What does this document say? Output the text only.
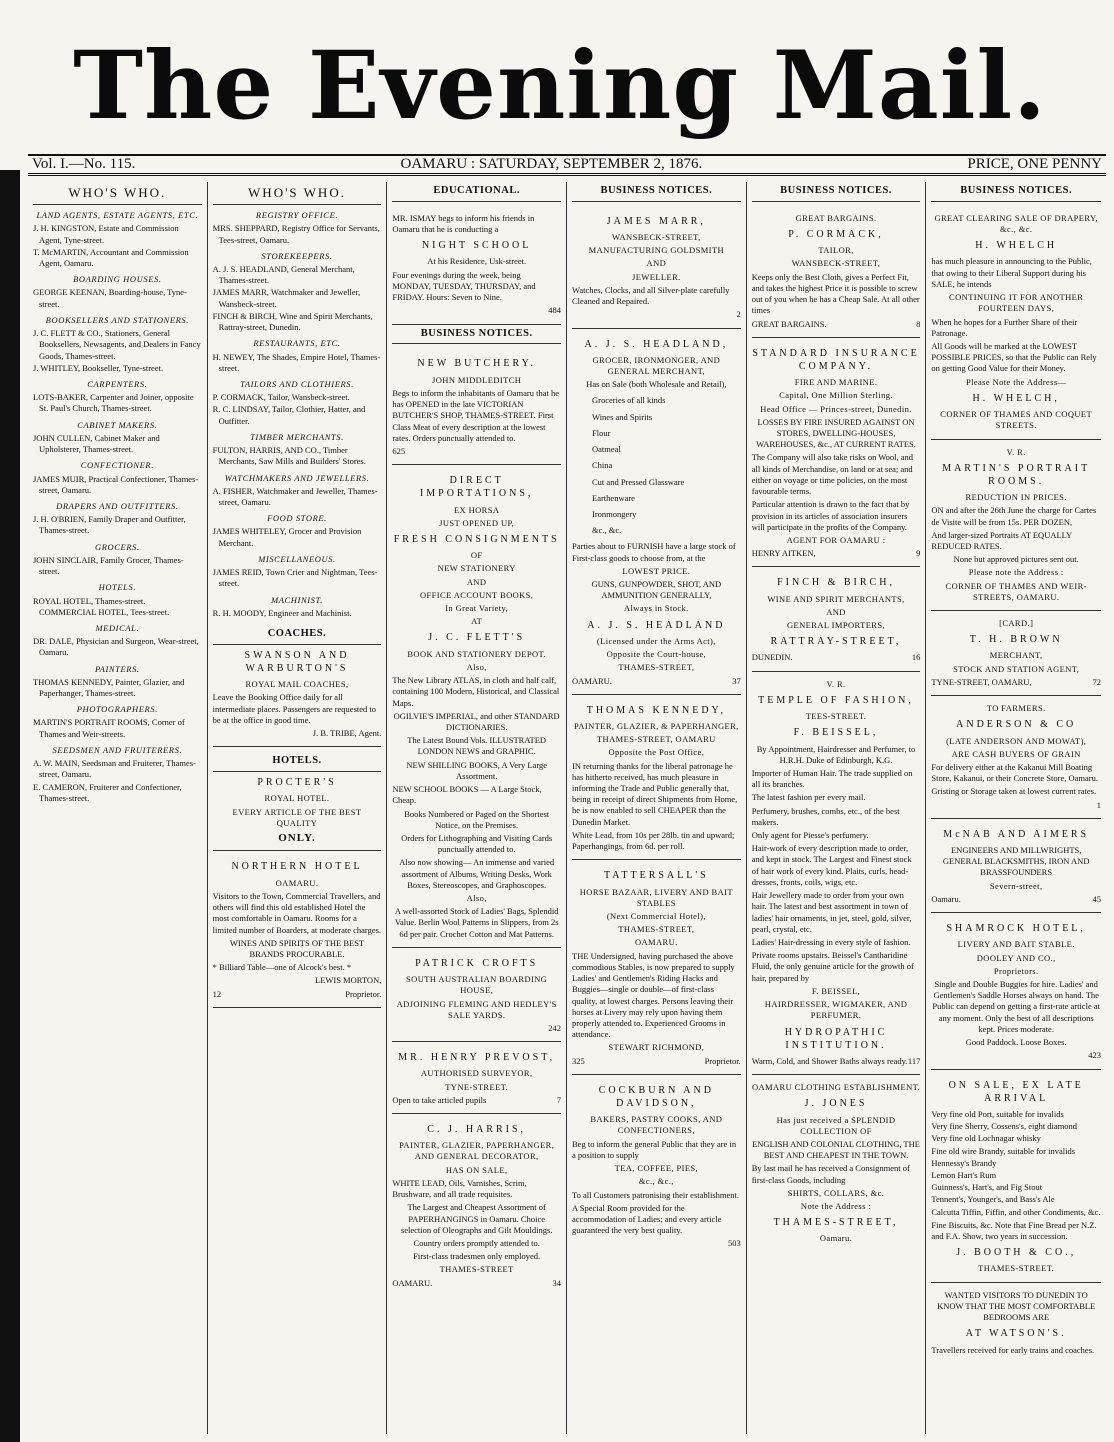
The Evening Mail.
Vol. I.—No. 115.	OAMARU : SATURDAY, SEPTEMBER 2, 1876.	PRICE, ONE PENNY
WHO'S WHO.
LAND AGENTS, ESTATE AGENTS, ETC.
J. H. KINGSTON, Estate and Commission Agent, Tyne-street.
T. McMARTIN, Accountant and Commission Agent, Oamaru.
BOARDING HOUSES.
GEORGE KEENAN, Boarding-house, Tyne-street.
BOOKSELLERS AND STATIONERS.
J. C. FLETT & CO., Stationers, General Booksellers, Newsagents, and Dealers in Fancy Goods, Thames-street.
J. WHITLEY, Bookseller, Tyne-street.
CARPENTERS.
LOTS-BAKER, Carpenter and Joiner, opposite St. Paul's Church, Thames-street.
CABINET MAKERS.
JOHN CULLEN, Cabinet Maker and Upholsterer, Thames-street.
CONFECTIONER.
JAMES MUIR, Practical Confectioner, Thames-street, Oamaru.
DRAPERS AND OUTFITTERS.
J. H. O'BRIEN, Family Draper and Outfitter, Thames-street.
GROCERS.
JOHN SINCLAIR, Family Grocer, Thames-street.
HOTELS.
ROYAL HOTEL, Thames-street. COMMERCIAL HOTEL, Tees-street.
MEDICAL.
DR. DALE, Physician and Surgeon, Wear-street, Oamaru.
PAINTERS.
THOMAS KENNEDY, Painter, Glazier, and Paperhanger, Thames-street.
PHOTOGRAPHERS.
MARTIN'S PORTRAIT ROOMS, Corner of Thames and Weir-streets.
SEEDSMEN AND FRUITERERS.
A. W. MAIN, Seedsman and Fruiterer, Thames-street, Oamaru.
E. CAMERON, Fruiterer and Confectioner, Thames-street.
WHO'S WHO.
REGISTRY OFFICE.
MRS. SHEPPARD, Registry Office for Servants, Tees-street, Oamaru.
STOREKEEPERS.
A. J. S. HEADLAND, General Merchant, Thames-street.
JAMES MARR, Watchmaker and Jeweller, Wansbeck-street.
FINCH & BIRCH, Wine and Spirit Merchants, Rattray-street, Dunedin.
RESTAURANTS, ETC.
H. NEWEY, The Shades, Empire Hotel, Thames-street.
TAILORS AND CLOTHIERS.
P. CORMACK, Tailor, Wansbeck-street.
R. C. LINDSAY, Tailor, Clothier, Hatter, and Outfitter.
TIMBER MERCHANTS.
FULTON, HARRIS, AND CO., Timber Merchants, Saw Mills and Builders' Stores.
WATCHMAKERS AND JEWELLERS.
A. FISHER, Watchmaker and Jeweller, Thames-street, Oamaru.
FOOD STORE.
JAMES WHITELEY, Grocer and Provision Merchant.
MISCELLANEOUS.
JAMES REID, Town Crier and Nightman, Tees-street.
MACHINIST.
R. H. MOODY, Engineer and Machinist.
COACHES.
SWANSON AND WARBURTON'S
ROYAL MAIL COACHES,

Leave the Booking Office daily for all intermediate places. Passengers are requested to be at the office in good time.

J. B. TRIBE, Agent.

HOTELS.
PROCTER'S
ROYAL HOTEL.
EVERY ARTICLE OF THE BEST QUALITY
ONLY.
NORTHERN HOTEL
OAMARU.

Visitors to the Town, Commercial Travellers, and others will find this old established Hotel the most comfortable in Oamaru. Rooms for a limited number of Boarders, at moderate charges.

WINES AND SPIRITS OF THE BEST BRANDS PROCURABLE.

* Billiard Table—one of Alcock's best. *

LEWIS MORTON,

12	Proprietor.

EDUCATIONAL.

MR. ISMAY begs to inform his friends in Oamaru that he is conducting a

NIGHT SCHOOL

At his Residence, Usk-street.

Four evenings during the week, being MONDAY, TUESDAY, THURSDAY, and FRIDAY. Hours: Seven to Nine.

484

BUSINESS NOTICES.
NEW BUTCHERY.
JOHN MIDDLEDITCH

Begs to inform the inhabitants of Oamaru that he has OPENED in the late VICTORIAN BUTCHER'S SHOP, THAMES-STREET. First Class Meat of every description at the lowest rates. Orders punctually attended to.

625

DIRECT IMPORTATIONS,
EX HORSA
JUST OPENED UP,
FRESH CONSIGNMENTS
OF
NEW STATIONERY
AND
OFFICE ACCOUNT BOOKS,
In Great Variety,
AT
J. C. FLETT'S
BOOK AND STATIONERY DEPOT.
Also,

The New Library ATLAS, in cloth and half calf, containing 100 Modern, Historical, and Classical Maps.

OGILVIE'S IMPERIAL, and other STANDARD DICTIONARIES.

The Latest Bound Vols. ILLUSTRATED LONDON NEWS and GRAPHIC.

NEW SHILLING BOOKS, A Very Large Assortment.

NEW SCHOOL BOOKS — A Large Stock, Cheap.

Books Numbered or Paged on the Shortest Notice, on the Premises.

Orders for Lithographing and Visiting Cards punctually attended to.

Also now showing— An immense and varied assortment of Albums, Writing Desks, Work Boxes, Stereoscopes, and Graphoscopes.

Also,

A well-assorted Stock of Ladies' Bags, Splendid Value. Berlin Wool Patterns in Slippers, from 2s 6d per pair. Crochet Cotton and Mat Patterns.

PATRICK CROFTS
SOUTH AUSTRALIAN BOARDING HOUSE,
ADJOINING FLEMING AND HEDLEY'S SALE YARDS.

242

MR. HENRY PREVOST,
AUTHORISED SURVEYOR,
TYNE-STREET.

Open to take articled pupils	7

C. J. HARRIS,
PAINTER, GLAZIER, PAPERHANGER, AND GENERAL DECORATOR,
HAS ON SALE,

WHITE LEAD, Oils, Varnishes, Scrim, Brushware, and all trade requisites.

The Largest and Cheapest Assortment of PAPERHANGINGS in Oamaru. Choice selection of Oleographs and Gilt Mouldings.

Country orders promptly attended to.

First-class tradesmen only employed.

THAMES-STREET

OAMARU.	34

BUSINESS NOTICES.
JAMES MARR,
WANSBECK-STREET,
MANUFACTURING GOLDSMITH
AND
JEWELLER.

Watches, Clocks, and all Silver-plate carefully Cleaned and Repaired.

2

A. J. S. HEADLAND,
GROCER, IRONMONGER, AND GENERAL MERCHANT,

Has on Sale (both Wholesale and Retail),

Groceries of all kinds
Wines and Spirits
Flour
Oatmeal
China
Cut and Pressed Glassware
Earthenware
Ironmongery
&c., &c.

Parties about to FURNISH have a large stock of First-class goods to choose from, at the

LOWEST PRICE.

GUNS, GUNPOWDER, SHOT, AND AMMUNITION GENERALLY,

Always in Stock.
A. J. S. HEADLAND
(Licensed under the Arms Act),
Opposite the Court-house,
THAMES-STREET,

OAMARU.	37

THOMAS KENNEDY,
PAINTER, GLAZIER, & PAPERHANGER,
THAMES-STREET, OAMARU
Opposite the Post Office,

IN returning thanks for the liberal patronage he has hitherto received, has much pleasure in informing the Trade and Public generally that, being in receipt of direct Shipments from Home, he is now enabled to sell CHEAPER than the Dunedin Market.

White Lead, from 10s per 28lb. tin and upward; Paperhangings, from 6d. per roll.

TATTERSALL'S
HORSE BAZAAR, LIVERY AND BAIT STABLES
(Next Commercial Hotel),
THAMES-STREET,
OAMARU.

THE Undersigned, having purchased the above commodious Stables, is now prepared to supply Ladies' and Gentlemen's Riding Hacks and Buggies—single or double—of first-class quality, at lowest charges. Persons leaving their horses at Livery may rely upon having them properly attended to. Experienced Grooms in attendance.

STEWART RICHMOND,

325	Proprietor.

COCKBURN AND DAVIDSON,
BAKERS, PASTRY COOKS, AND CONFECTIONERS,

Beg to inform the general Public that they are in a position to supply

TEA, COFFEE, PIES,
&c., &c.,

To all Customers patronising their establishment.

A Special Room provided for the accommodation of Ladies; and every article guaranteed the very best quality.

503

BUSINESS NOTICES.
GREAT BARGAINS.
P. CORMACK,
TAILOR,
WANSBECK-STREET,

Keeps only the Best Cloth, gives a Perfect Fit, and takes the highest Price it is possible to screw out of you when he has a Cheap Sale. At all other times

GREAT BARGAINS.	8

STANDARD INSURANCE COMPANY.
FIRE AND MARINE.
Capital, One Million Sterling.
Head Office — Princes-street, Dunedin.

LOSSES BY FIRE INSURED AGAINST ON STORES, DWELLING-HOUSES, WAREHOUSES, &c., AT CURRENT RATES.

The Company will also take risks on Wool, and all kinds of Merchandise, on land or at sea; and either on voyage or time policies, on the most favourable terms.

Particular attention is drawn to the fact that by provision in its articles of association insurers will participate in the profits of the Company.

AGENT FOR OAMARU :

HENRY AITKEN,	9

FINCH & BIRCH,
WINE AND SPIRIT MERCHANTS,
AND
GENERAL IMPORTERS,
RATTRAY-STREET,

DUNEDIN.	16

V. R.
TEMPLE OF FASHION,
TEES-STREET.
F. BEISSEL,

By Appointment, Hairdresser and Perfumer, to H.R.H. Duke of Edinburgh, K.G.

Importer of Human Hair. The trade supplied on all its branches.

The latest fashion per every mail.

Perfumery, brushes, combs, etc., of the best makers.

Only agent for Piesse's perfumery.

Hair-work of every description made to order, and kept in stock. The Largest and Finest stock of hair work of every kind. Plaits, curls, head-dresses, fronts, coils, wigs, etc.

Hair Jewellery made to order from your own hair. The latest and best assortment in town of ladies' hair ornaments, in jet, steel, gold, silver, pearl, crystal, etc.

Ladies' Hair-dressing in every style of fashion.

Private rooms upstairs. Beissel's Cantharidine Fluid, the only genuine article for the growth of hair, prepared by

F. BEISSEL,
HAIRDRESSER, WIGMAKER, AND PERFUMER.
HYDROPATHIC INSTITUTION.

Warm, Cold, and Shower Baths always ready. 117

OAMARU CLOTHING ESTABLISHMENT.
J. JONES
Has just received a SPLENDID COLLECTION OF

ENGLISH AND COLONIAL CLOTHING, THE BEST AND CHEAPEST IN THE TOWN.

By last mail he has received a Consignment of first-class Goods, including

SHIRTS, COLLARS, &c.
Note the Address :
THAMES-STREET,
Oamaru.
BUSINESS NOTICES.
GREAT CLEARING SALE OF DRAPERY, &c., &c.
H. WHELCH

has much pleasure in announcing to the Public, that owing to their Liberal Support during his SALE, he intends

CONTINUING IT FOR ANOTHER FOURTEEN DAYS,

When he hopes for a Further Share of their Patronage.

All Goods will be marked at the LOWEST POSSIBLE PRICES, so that the Public can Rely on getting Good Value for their Money.

Please Note the Address—
H. WHELCH,
CORNER OF THAMES AND COQUET STREETS.
V. R.
MARTIN'S PORTRAIT ROOMS.
REDUCTION IN PRICES.

ON and after the 26th June the charge for Cartes de Visite will be from 15s. PER DOZEN,

And larger-sized Portraits AT EQUALLY REDUCED RATES.

None but approved pictures sent out.

Please note the Address :
CORNER OF THAMES AND WEIR-STREETS, OAMARU.
[CARD.]
T. H. BROWN
MERCHANT,
STOCK AND STATION AGENT,

TYNE-STREET, OAMARU,	72

TO FARMERS.
ANDERSON & CO
(LATE ANDERSON AND MOWAT),
ARE CASH BUYERS OF GRAIN

For delivery either at the Kakanui Mill Boating Store, Kakanui, or their Concrete Store, Oamaru.

Gristing or Storage taken at lowest current rates.

1

McNAB AND AIMERS

ENGINEERS AND MILLWRIGHTS, GENERAL BLACKSMITHS, IRON AND BRASSFOUNDERS

Severn-street,

Oamaru.	45

SHAMROCK HOTEL,
LIVERY AND BAIT STABLE.
DOOLEY AND CO.,
Proprietors.

Single and Double Buggies for hire. Ladies' and Gentlemen's Saddle Horses always on hand. The Public can depend on getting a first-rate article at any moment. Only the best of all descriptions kept. Prices moderate.

Good Paddock. Loose Boxes.

423

ON SALE, EX LATE ARRIVAL
Very fine old Port, suitable for invalids
Very fine Sherry, Cossens's, eight diamond
Very fine old Lochnagar whisky
Fine old wire Brandy, suitable for invalids
Hennessy's Brandy
Lemon Hart's Rum
Guinness's, Hart's, and Fig Stout
Tennent's, Younger's, and Bass's Ale
Calcutta Tiffin, Fiffin, and other Condiments, &c.

Fine Biscuits, &c. Note that Fine Bread per N.Z. and F.A. Show, two years in succession.

J. BOOTH & CO.,
THAMES-STREET.

WANTED VISITORS TO DUNEDIN TO KNOW THAT THE MOST COMFORTABLE BEDROOMS ARE

AT WATSON'S.

Travellers received for early trains and coaches.
